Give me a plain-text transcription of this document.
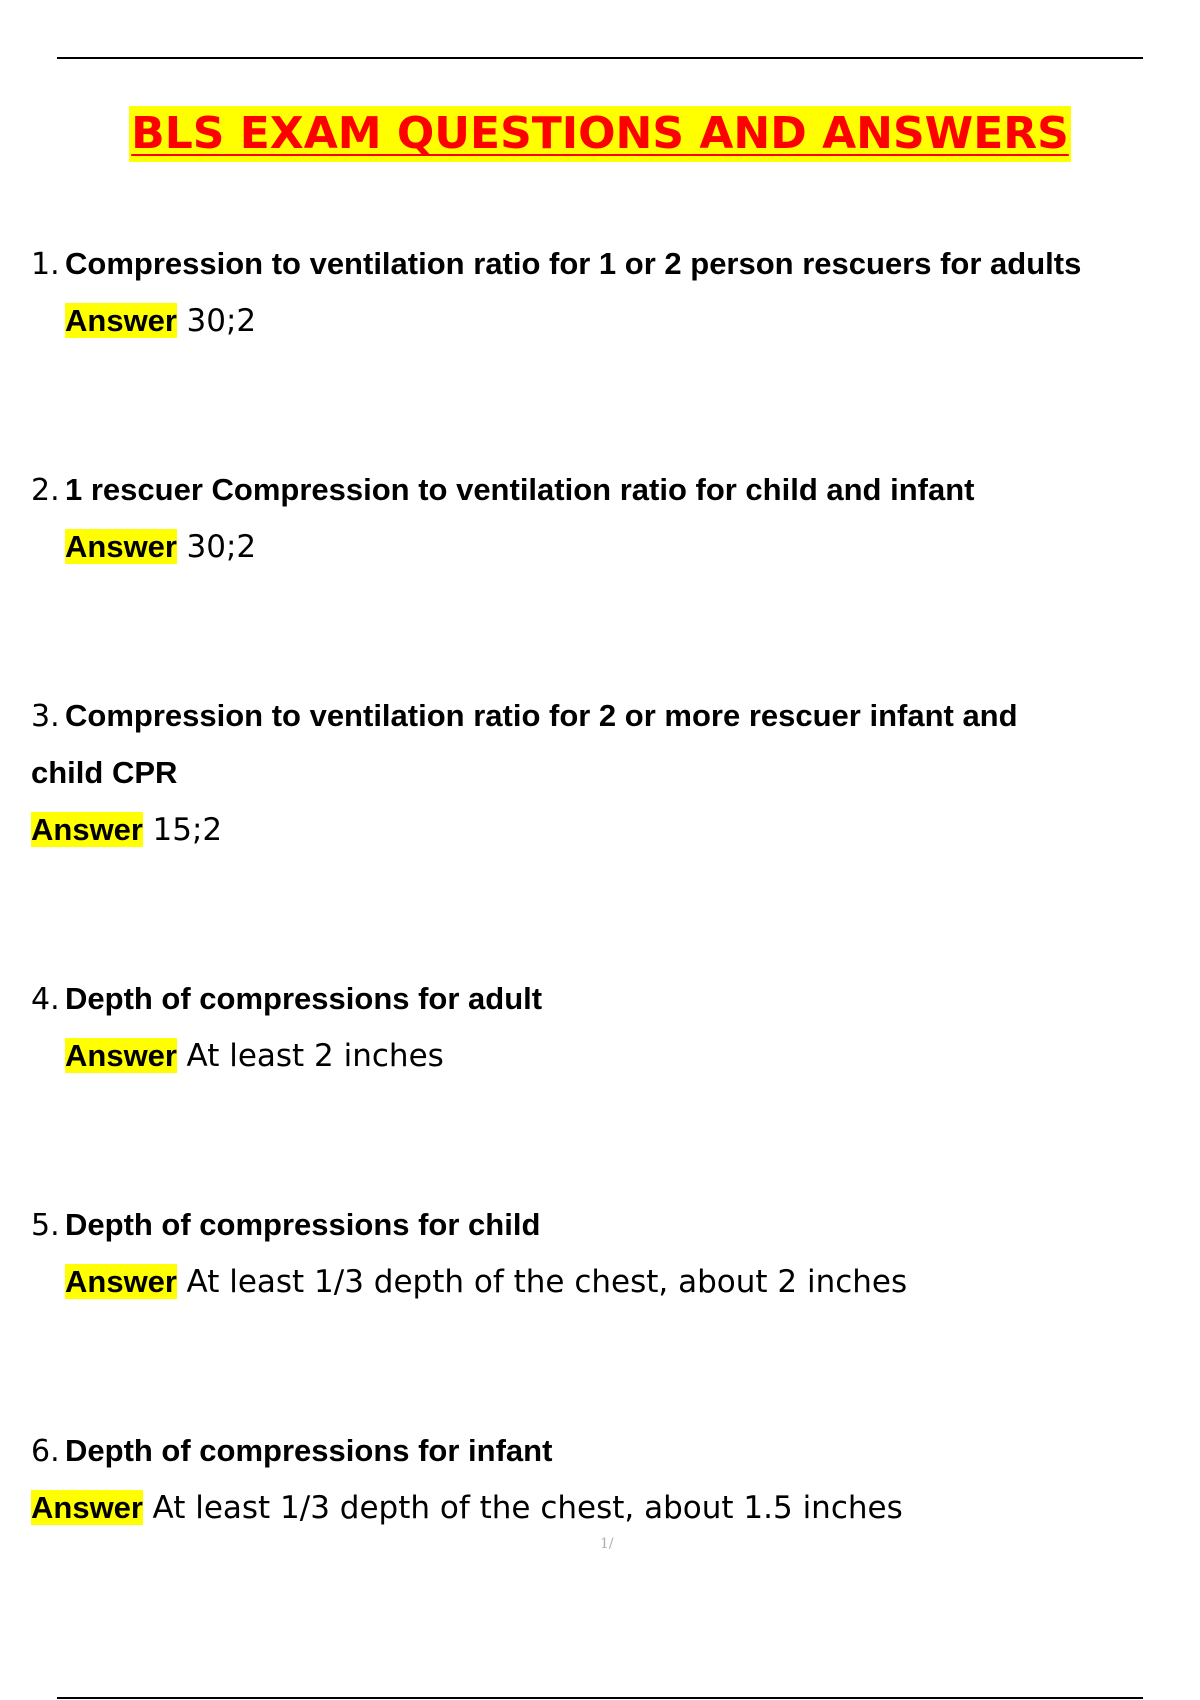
BLS EXAM QUESTIONS AND ANSWERS
1. Compression to ventilation ratio for 1 or 2 person rescuers for adults
Answer 30;2
2. 1 rescuer Compression to ventilation ratio for child and infant
Answer 30;2
3. Compression to ventilation ratio for 2 or more rescuer infant and
child CPR
Answer 15;2
4. Depth of compressions for adult
Answer At least 2 inches
5. Depth of compressions for child
Answer At least 1/3 depth of the chest, about 2 inches
6. Depth of compressions for infant
Answer At least 1/3 depth of the chest, about 1.5 inches
1/
